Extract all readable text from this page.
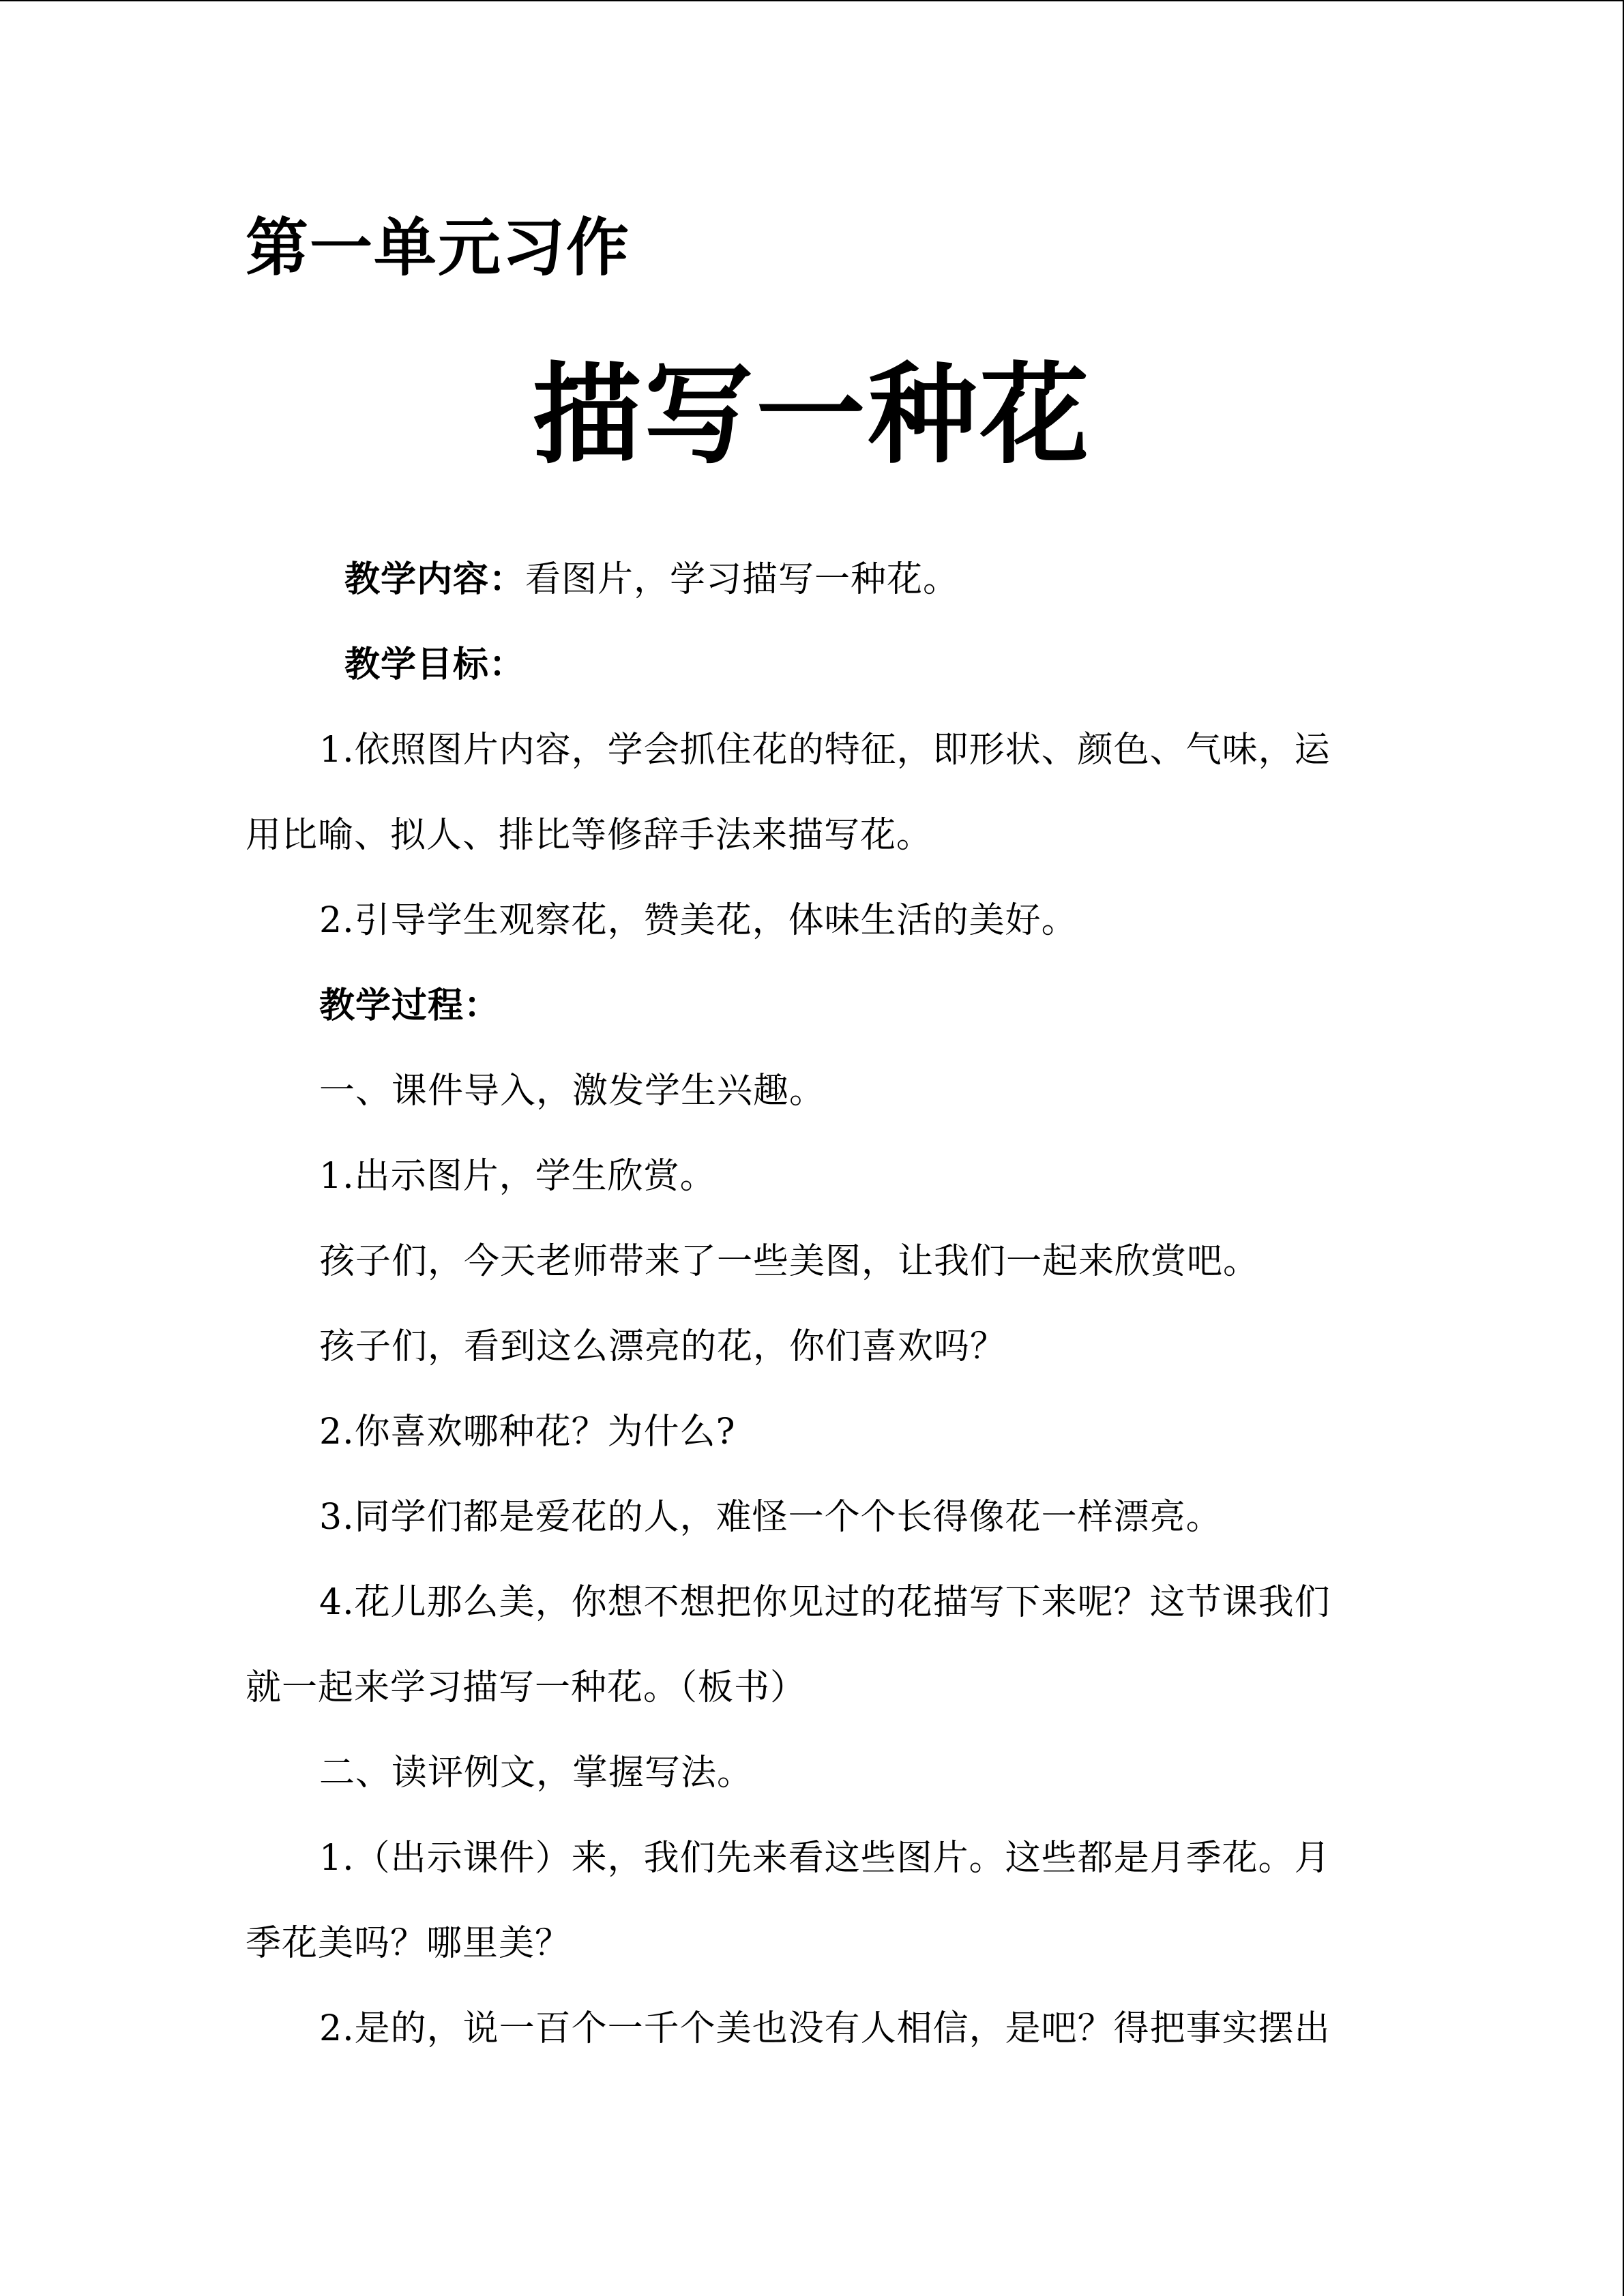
第一单元习作
描写一种花
教学内容：看图片，学习描写一种花。
教学目标：
1.依照图片内容，学会抓住花的特征，即形状、颜色、气味，运
用比喻、拟人、排比等修辞手法来描写花。
2.引导学生观察花，赞美花，体味生活的美好。
教学过程：
一、课件导入，激发学生兴趣。
1.出示图片，学生欣赏。
孩子们，今天老师带来了一些美图，让我们一起来欣赏吧。
孩子们，看到这么漂亮的花，你们喜欢吗？
2.你喜欢哪种花？为什么?
3.同学们都是爱花的人，难怪一个个长得像花一样漂亮。
4.花儿那么美，你想不想把你见过的花描写下来呢？这节课我们
就一起来学习描写一种花。（板书）
二、读评例文，掌握写法。
1.（出示课件）来，我们先来看这些图片。这些都是月季花。月
季花美吗？哪里美？
2.是的，说一百个一千个美也没有人相信，是吧？得把事实摆出
